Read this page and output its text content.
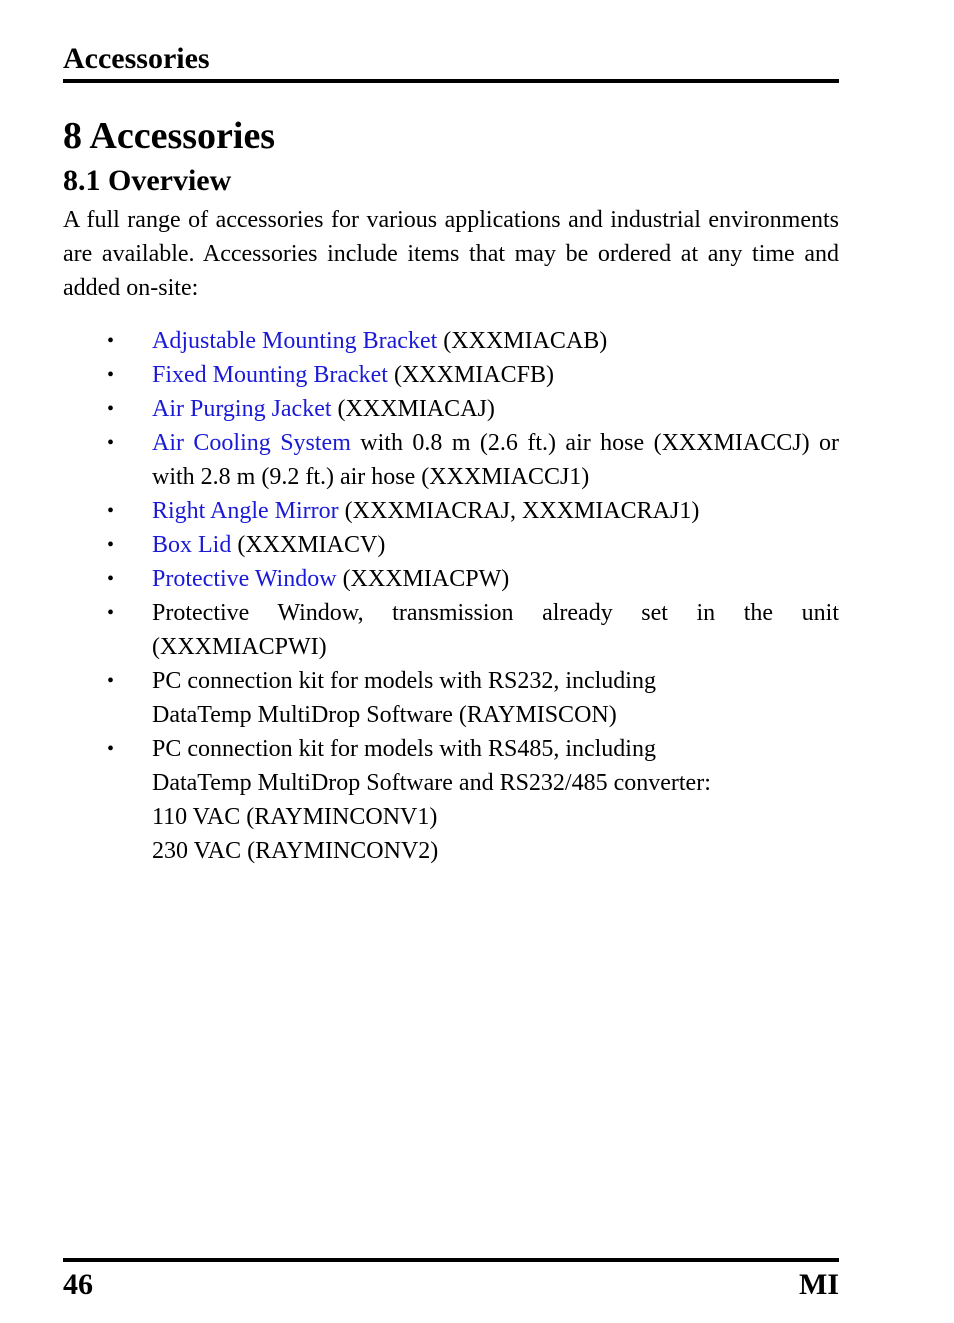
Accessories
8 Accessories
8.1 Overview

A full range of accessories for various applications and industrial environments are available. Accessories include items that may be ordered at any time and added on-site:

• Adjustable Mounting Bracket (XXXMIACAB)
• Fixed Mounting Bracket (XXXMIACFB)
• Air Purging Jacket (XXXMIACAJ)
• Air Cooling System with 0.8 m (2.6 ft.) air hose (XXXMIACCJ) or with 2.8 m (9.2 ft.) air hose (XXXMIACCJ1)
• Right Angle Mirror (XXXMIACRAJ, XXXMIACRAJ1)
• Box Lid (XXXMIACV)
• Protective Window (XXXMIACPW)
• Protective Window, transmission already set in the unit (XXXMIACPWI)
• PC connection kit for models with RS232, including
DataTemp MultiDrop Software (RAYMISCON)
• PC connection kit for models with RS485, including
DataTemp MultiDrop Software and RS232/485 converter:
110 VAC (RAYMINCONV1)
230 VAC (RAYMINCONV2)
46	MI
